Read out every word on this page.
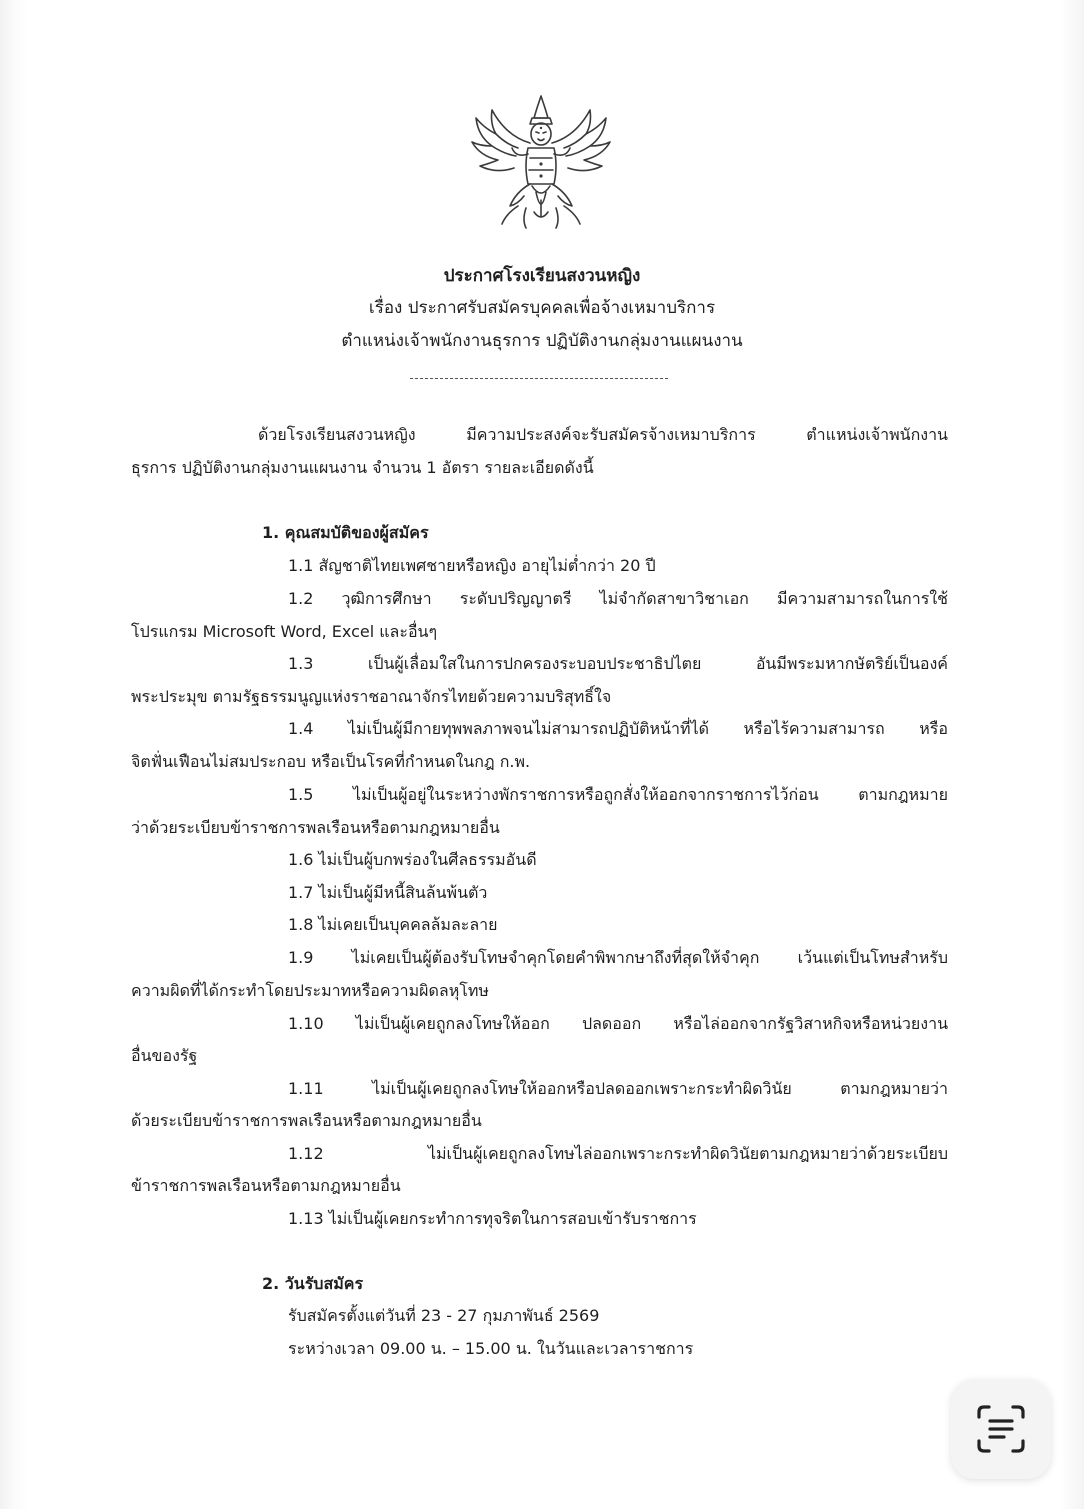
ประกาศโรงเรียนสงวนหญิง
เรื่อง ประกาศรับสมัครบุคคลเพื่อจ้างเหมาบริการ
ตำแหน่งเจ้าพนักงานธุรการ ปฏิบัติงานกลุ่มงานแผนงาน
ด้วยโรงเรียนสงวนหญิง มีความประสงค์จะรับสมัครจ้างเหมาบริการ ตำแหน่งเจ้าพนักงาน
ธุรการ ปฏิบัติงานกลุ่มงานแผนงาน จำนวน 1 อัตรา รายละเอียดดังนี้
1. คุณสมบัติของผู้สมัคร
1.1 สัญชาติไทยเพศชายหรือหญิง อายุไม่ต่ำกว่า 20 ปี
1.2 วุฒิการศึกษา ระดับปริญญาตรี ไม่จำกัดสาขาวิชาเอก มีความสามารถในการใช้
โปรแกรม Microsoft Word, Excel และอื่นๆ
1.3 เป็นผู้เลื่อมใสในการปกครองระบอบประชาธิปไตย อันมีพระมหากษัตริย์เป็นองค์
พระประมุข ตามรัฐธรรมนูญแห่งราชอาณาจักรไทยด้วยความบริสุทธิ์ใจ
1.4 ไม่เป็นผู้มีกายทุพพลภาพจนไม่สามารถปฏิบัติหน้าที่ได้ หรือไร้ความสามารถ หรือ
จิตฟั่นเฟือนไม่สมประกอบ หรือเป็นโรคที่กำหนดในกฎ ก.พ.
1.5 ไม่เป็นผู้อยู่ในระหว่างพักราชการหรือถูกสั่งให้ออกจากราชการไว้ก่อน ตามกฎหมาย
ว่าด้วยระเบียบข้าราชการพลเรือนหรือตามกฎหมายอื่น
1.6 ไม่เป็นผู้บกพร่องในศีลธรรมอันดี
1.7 ไม่เป็นผู้มีหนี้สินล้นพ้นตัว
1.8 ไม่เคยเป็นบุคคลล้มละลาย
1.9 ไม่เคยเป็นผู้ต้องรับโทษจำคุกโดยคำพิพากษาถึงที่สุดให้จำคุก เว้นแต่เป็นโทษสำหรับ
ความผิดที่ได้กระทำโดยประมาทหรือความผิดลหุโทษ
1.10 ไม่เป็นผู้เคยถูกลงโทษให้ออก ปลดออก หรือไล่ออกจากรัฐวิสาหกิจหรือหน่วยงาน
อื่นของรัฐ
1.11 ไม่เป็นผู้เคยถูกลงโทษให้ออกหรือปลดออกเพราะกระทำผิดวินัย ตามกฎหมายว่า
ด้วยระเบียบข้าราชการพลเรือนหรือตามกฎหมายอื่น
1.12 ไม่เป็นผู้เคยถูกลงโทษไล่ออกเพราะกระทำผิดวินัยตามกฎหมายว่าด้วยระเบียบ
ข้าราชการพลเรือนหรือตามกฎหมายอื่น
1.13 ไม่เป็นผู้เคยกระทำการทุจริตในการสอบเข้ารับราชการ
2. วันรับสมัคร
รับสมัครตั้งแต่วันที่ 23 - 27 กุมภาพันธ์ 2569
ระหว่างเวลา 09.00 น. – 15.00 น. ในวันและเวลาราชการ
